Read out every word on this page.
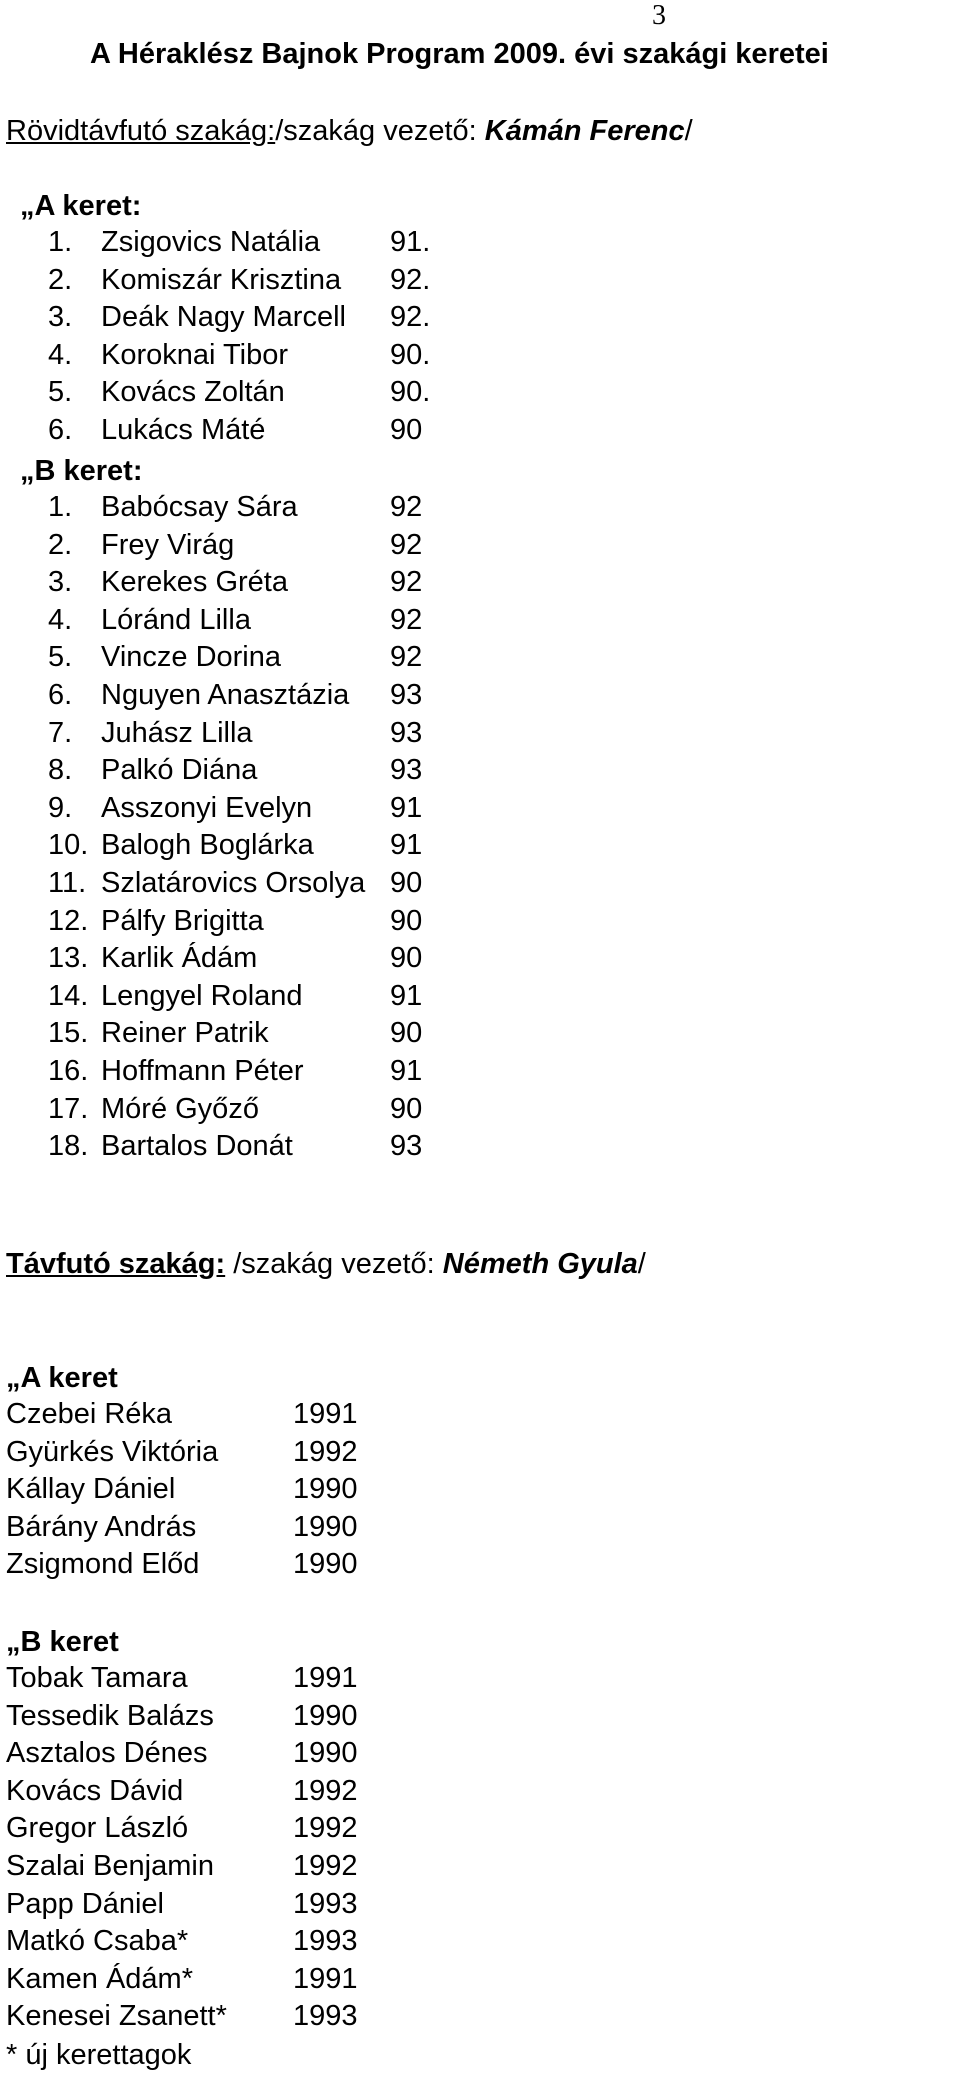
3
A Héraklész Bajnok Program 2009. évi szakági keretei
Rövidtávfutó szakág:/szakág vezető: Kámán Ferenc/
„A keret:
1. Zsigovics Natália 91.
2. Komiszár Krisztina 92.
3. Deák Nagy Marcell 92.
4. Koroknai Tibor	90.
5. Kovács Zoltán	90.
6. Lukács Máté	90
„B keret:
1. Babócsay Sára	92
2. Frey Virág	92
3. Kerekes Gréta	92
4. Lóránd Lilla	92
5. Vincze Dorina	92
6. Nguyen Anasztázia 93
7. Juhász Lilla	93
8. Palkó Diána	93
9. Asszonyi Evelyn	91
10. Balogh Boglárka	91
11. Szlatárovics Orsolya 90
12. Pálfy Brigitta	90
13. Karlik Ádám	90
14. Lengyel Roland	91
15. Reiner Patrik	90
16. Hoffmann Péter	91
17. Móré Győző	90
18. Bartalos Donát	93
Távfutó szakág: /szakág vezető: Németh Gyula/
„A keret
Czebei Réka	1991
Gyürkés Viktória	1992
Kállay Dániel	1990
Bárány András	1990
Zsigmond Előd	1990
„B keret
Tobak Tamara	1991
Tessedik Balázs	1990
Asztalos Dénes	1990
Kovács Dávid	1992
Gregor László	1992
Szalai Benjamin	1992
Papp Dániel	1993
Matkó Csaba*	1993
Kamen Ádám*	1991
Kenesei Zsanett* 1993
* új kerettagok
